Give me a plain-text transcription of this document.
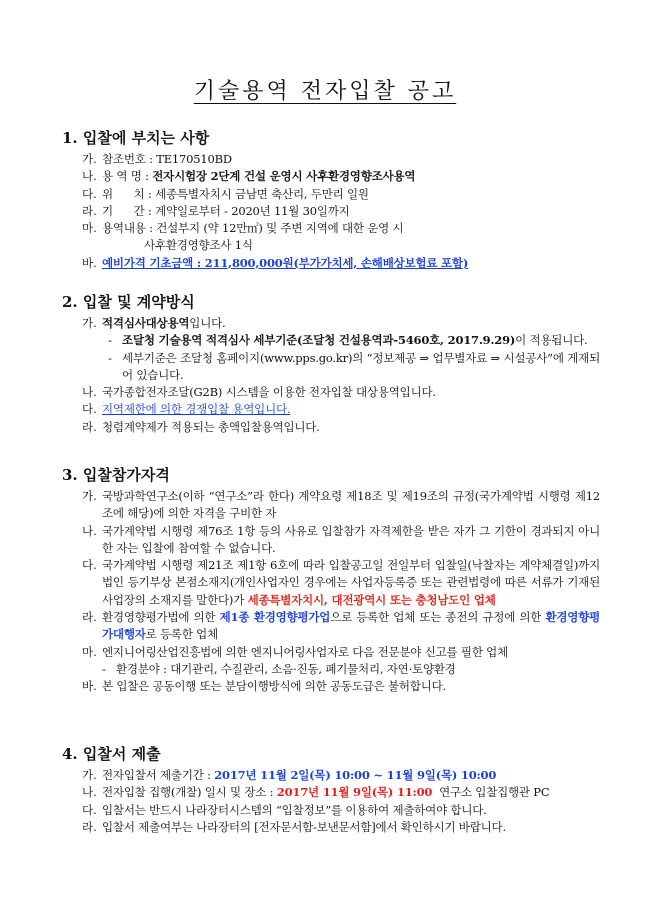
기술용역 전자입찰 공고
1. 입찰에 부치는 사항
가. 참조번호 : TE170510BD
나. 용 역 명 : 전자시험장 2단계 건설 운영시 사후환경영향조사용역
다. 위      치 : 세종특별자치시 금남면 축산리, 두만리 일원
라. 기      간 : 계약일로부터 - 2020년 11월 30일까지
마. 용역내용 : 건설부지 (약 12만㎡) 및 주변 지역에 대한 운영 시
사후환경영향조사 1식
바. 예비가격 기초금액 : 211,800,000원(부가가치세, 손해배상보험료 포함)
2. 입찰 및 계약방식
가. 적격심사대상용역입니다.
- 조달청 기술용역 적격심사 세부기준(조달청 건설용역과-5460호, 2017.9.29)이 적용됩니다.
- 세부기준은 조달청 홈페이지(www.pps.go.kr)의 “정보제공 ⇒ 업무별자료 ⇒ 시설공사”에 게재되어 있습니다.
나. 국가종합전자조달(G2B) 시스템을 이용한 전자입찰 대상용역입니다.
다. 지역제한에 의한 경쟁입찰 용역입니다.
라. 청렴계약제가 적용되는 총액입찰용역입니다.
3. 입찰참가자격
가. 국방과학연구소(이하 “연구소”라 한다) 계약요령 제18조 및 제19조의 규정(국가계약법 시행령 제12조에 해당)에 의한 자격을 구비한 자
나. 국가계약법 시행령 제76조 1항 등의 사유로 입찰참가 자격제한을 받은 자가 그 기한이 경과되지 아니한 자는 입찰에 참여할 수 없습니다.
다. 국가계약법 시행령 제21조 제1항 6호에 따라 입찰공고일 전일부터 입찰일(낙찰자는 계약체결일)까지 법인 등기부상 본점소재지(개인사업자인 경우에는 사업자등록증 또는 관련법령에 따른 서류가 기재된 사업장의 소재지를 말한다)가 세종특별자치시, 대전광역시 또는 충청남도인 업체
라. 환경영향평가법에 의한 제1종 환경영향평가업으로 등록한 업체 또는 종전의 규정에 의한 환경영향평가대행자로 등록한 업체
마. 엔지니어링산업진흥법에 의한 엔지니어링사업자로 다음 전문분야 신고를 필한 업체
- 환경분야 : 대기관리, 수질관리, 소음·진동, 폐기물처리, 자연·토양환경
바. 본 입찰은 공동이행 또는 분담이행방식에 의한 공동도급은 불허합니다.
4. 입찰서 제출
가. 전자입찰서 제출기간 : 2017년 11월 2일(목) 10:00 ~ 11월 9일(목) 10:00
나. 전자입찰 집행(개찰) 일시 및 장소 : 2017년 11월 9일(목) 11:00  연구소 입찰집행관 PC
다. 입찰서는 반드시 나라장터시스템의 “입찰정보”를 이용하여 제출하여야 합니다.
라. 입찰서 제출여부는 나라장터의 [전자문서함-보낸문서함]에서 확인하시기 바랍니다.
